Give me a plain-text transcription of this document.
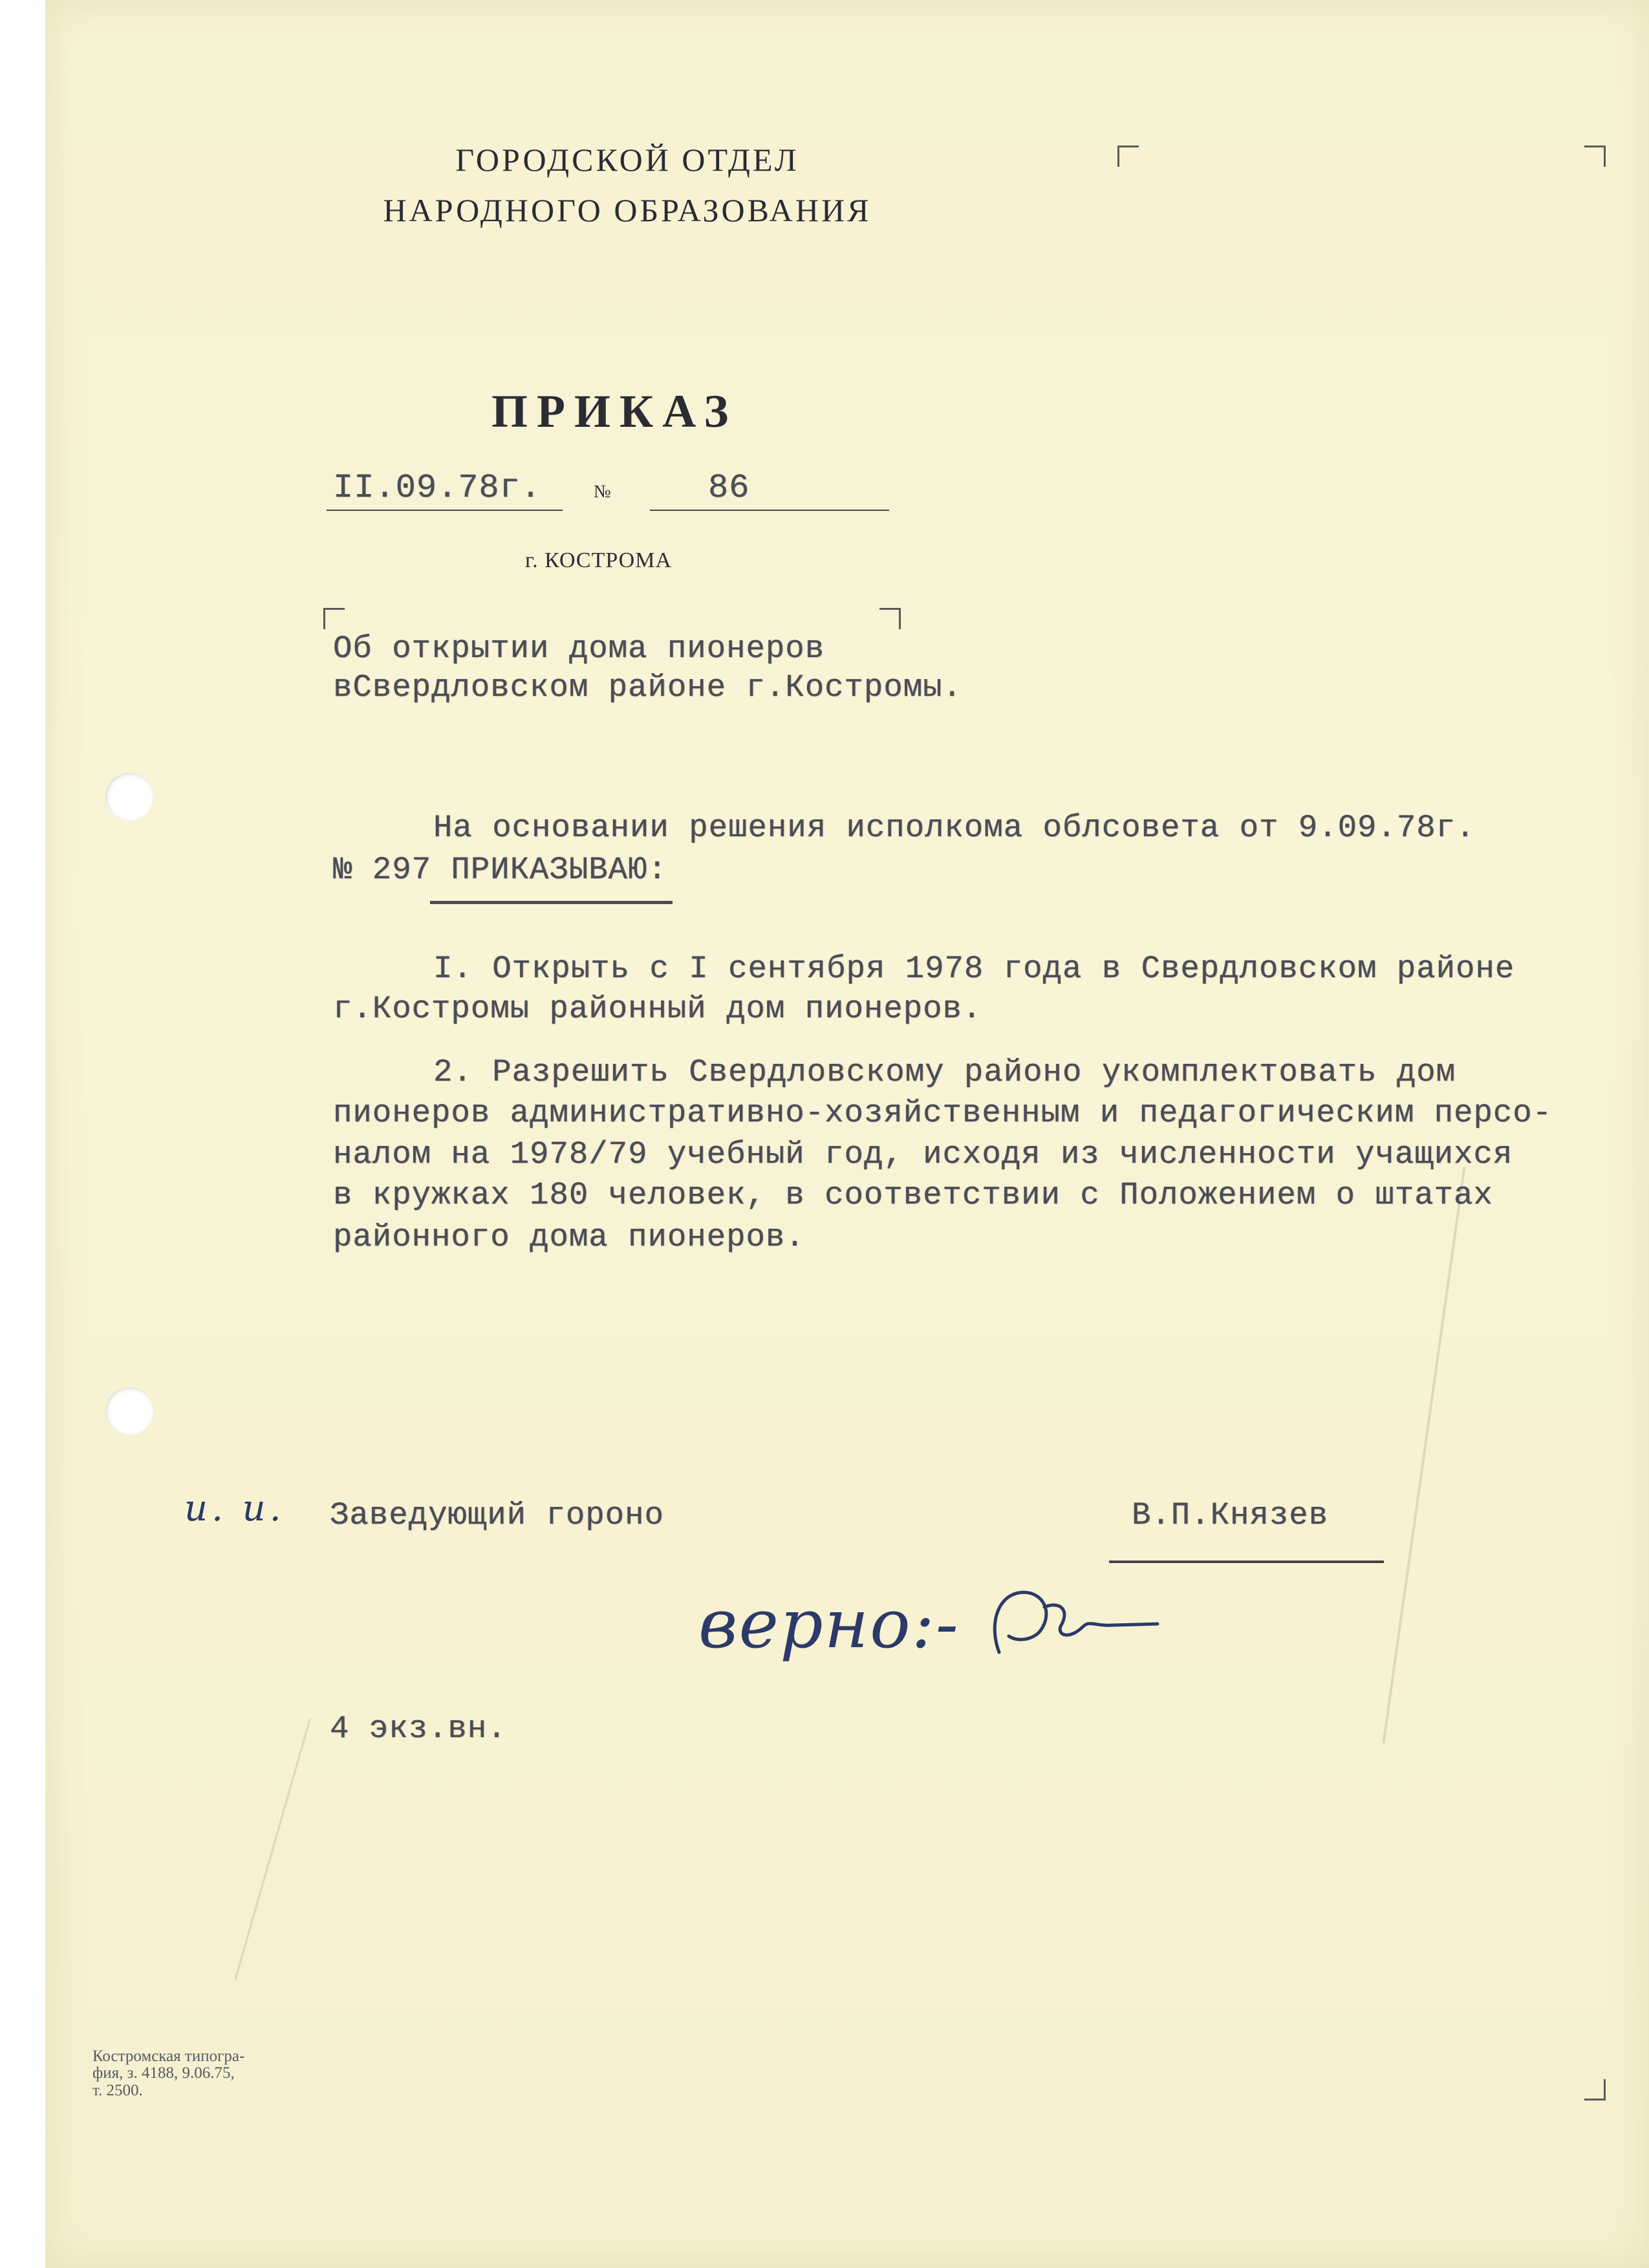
ГОРОДСКОЙ ОТДЕЛ
НАРОДНОГО ОБРАЗОВАНИЯ
ПРИКАЗ
II.09.78г.	№	86
г. КОСТРОМА
Об открытии дома пионеров
вСвердловском районе г.Костромы.
На основании решения исполкома облсовета от 9.09.78г.
№ 297 ПРИКАЗЫВАЮ:
I. Открыть с I сентября 1978 года в Свердловском районе
г.Костромы районный дом пионеров.
2. Разрешить Свердловскому районо укомплектовать дом
пионеров административно-хозяйственным и педагогическим персо-
налом на 1978/79 учебный год, исходя из численности учащихся
в кружках 180 человек, в соответствии с Положением о штатах
районного дома пионеров.
и. и. Заведующий гороно	В.П.Князев
верно:-
4 экз.вн.
Костромская типогра-
фия, з. 4188, 9.06.75,
т. 2500.
